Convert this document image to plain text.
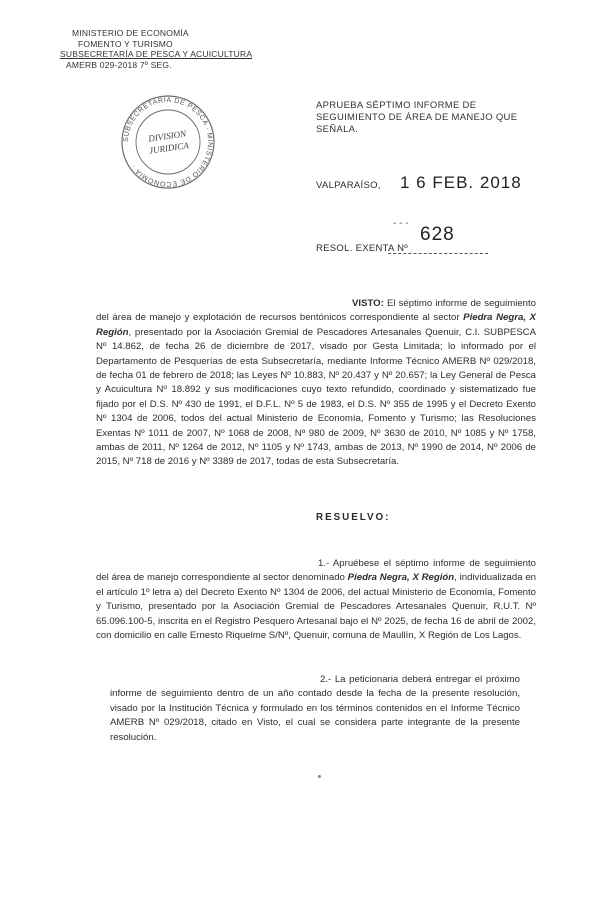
MINISTERIO DE ECONOMÍA
FOMENTO Y TURISMO
SUBSECRETARÍA DE PESCA Y ACUICULTURA
AMERB 029-2018 7º SEG.
SUBSECRETARIA DE PESCA · MINISTERIO DE ECONOMIA ·
DIVISION
JURIDICA
APRUEBA SÉPTIMO INFORME DE SEGUIMIENTO DE ÁREA DE MANEJO QUE SEÑALA.
VALPARAÍSO, 1 6 FEB. 2018
- - -
628
RESOL. EXENTA Nº
VISTO: El séptimo informe de seguimiento del área de manejo y explotación de recursos bentónicos correspondiente al sector Piedra Negra, X Región, presentado por la Asociación Gremial de Pescadores Artesanales Quenuir, C.I. SUBPESCA Nº 14.862, de fecha 26 de diciembre de 2017, visado por Gesta Limitada; lo informado por el Departamento de Pesquerías de esta Subsecretaría, mediante Informe Técnico AMERB Nº 029/2018, de fecha 01 de febrero de 2018; las Leyes Nº 10.883, Nº 20.437 y Nº 20.657; la Ley General de Pesca y Acuicultura Nº 18.892 y sus modificaciones cuyo texto refundido, coordinado y sistematizado fue fijado por el D.S. Nº 430 de 1991, el D.F.L. Nº 5 de 1983, el D.S. Nº 355 de 1995 y el Decreto Exento Nº 1304 de 2006, todos del actual Ministerio de Economía, Fomento y Turismo; las Resoluciones Exentas Nº 1011 de 2007, Nº 1068 de 2008, Nº 980 de 2009, Nº 3630 de 2010, Nº 1085 y Nº 1758, ambas de 2011, Nº 1264 de 2012, Nº 1105 y Nº 1743, ambas de 2013, Nº 1990 de 2014, Nº 2006 de 2015, Nº 718 de 2016 y Nº 3389 de 2017, todas de esta Subsecretaría.
RESUELVO:
1.- Apruébese el séptimo informe de seguimiento del área de manejo correspondiente al sector denominado Piedra Negra, X Región, individualizada en el artículo 1º letra a) del Decreto Exento Nº 1304 de 2006, del actual Ministerio de Economía, Fomento y Turismo, presentado por la Asociación Gremial de Pescadores Artesanales Quenuir, R.U.T. Nº 65.096.100-5, inscrita en el Registro Pesquero Artesanal bajo el Nº 2025, de fecha 16 de abril de 2002, con domicilio en calle Ernesto Riquelme S/Nº, Quenuir, comuna de Maullín, X Región de Los Lagos.
2.- La peticionaria deberá entregar el próximo informe de seguimiento dentro de un año contado desde la fecha de la presente resolución, visado por la Institución Técnica y formulado en los términos contenidos en el Informe Técnico AMERB Nº 029/2018, citado en Visto, el cual se considera parte integrante de la presente resolución.
